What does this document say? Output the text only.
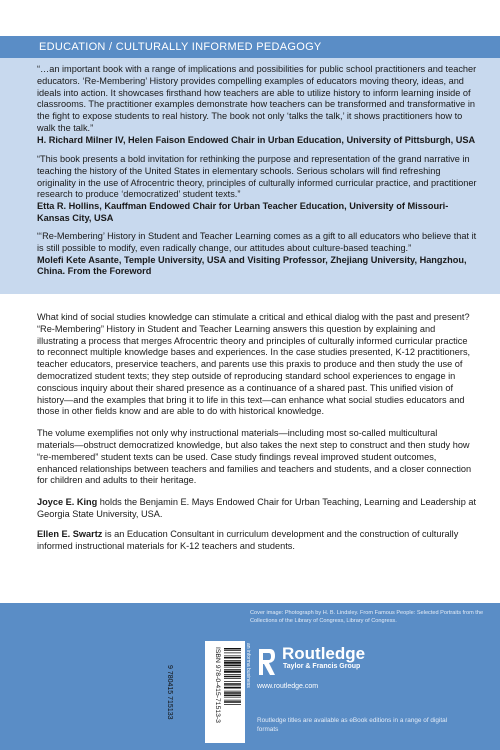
EDUCATION / CULTURALLY INFORMED PEDAGOGY
“…an important book with a range of implications and possibilities for public school practitioners and teacher educators. ‘Re-Membering’ History provides compelling examples of educators moving theory, ideas, and ideals into action. It showcases firsthand how teachers are able to utilize history to inform learning inside of classrooms. The practitioner examples demonstrate how teachers can be transformed and transformative in the fight to expose students to real history. The book not only ‘talks the talk,’ it shows practitioners how to walk the talk.”
H. Richard Milner IV, Helen Faison Endowed Chair in Urban Education, University of Pittsburgh, USA
“This book presents a bold invitation for rethinking the purpose and representation of the grand narrative in teaching the history of the United States in elementary schools. Serious scholars will find refreshing originality in the use of Afrocentric theory, principles of culturally informed curricular practice, and practitioner research to produce ‘democratized’ student texts.”
Etta R. Hollins, Kauffman Endowed Chair for Urban Teacher Education, University of Missouri-Kansas City, USA
“‘Re-Membering’ History in Student and Teacher Learning comes as a gift to all educators who believe that it is still possible to modify, even radically change, our attitudes about culture-based teaching.”
Molefi Kete Asante, Temple University, USA and Visiting Professor, Zhejiang University, Hangzhou, China. From the Foreword

What kind of social studies knowledge can stimulate a critical and ethical dialog with the past and present? “Re-Membering” History in Student and Teacher Learning answers this question by explaining and illustrating a process that merges Afrocentric theory and principles of culturally informed curricular practice to reconnect multiple knowledge bases and experiences. In the case studies presented, K-12 practitioners, teacher educators, preservice teachers, and parents use this praxis to produce and then study the use of democratized student texts; they step outside of reproducing standard school experiences to engage in conscious inquiry about their shared presence as a continuance of a shared past. This unified vision of history—and the examples that bring it to life in this text—can enhance what social studies educators and those in other fields know and are able to do with historical knowledge.

The volume exemplifies not only why instructional materials—including most so-called multicultural materials—obstruct democratized knowledge, but also takes the next step to construct and then study how “re-membered” student texts can be used. Case study findings reveal improved student outcomes, enhanced relationships between teachers and families and teachers and students, and a closer connection for children and adults to their heritage.

Joyce E. King holds the Benjamin E. Mays Endowed Chair for Urban Teaching, Learning and Leadership at Georgia State University, USA.

Ellen E. Swartz is an Education Consultant in curriculum development and the construction of culturally informed instructional materials for K-12 teachers and students.

Cover image: Photograph by H. B. Lindsley. From Famous People: Selected Portraits from the Collections of the Library of Congress, Library of Congress.
9 780415 715133	ISBN 978-0-415-71513-3	an informa business Routledge
Taylor & Francis Group
www.routledge.com
Routledge titles are available as eBook editions in a range of digital formats
